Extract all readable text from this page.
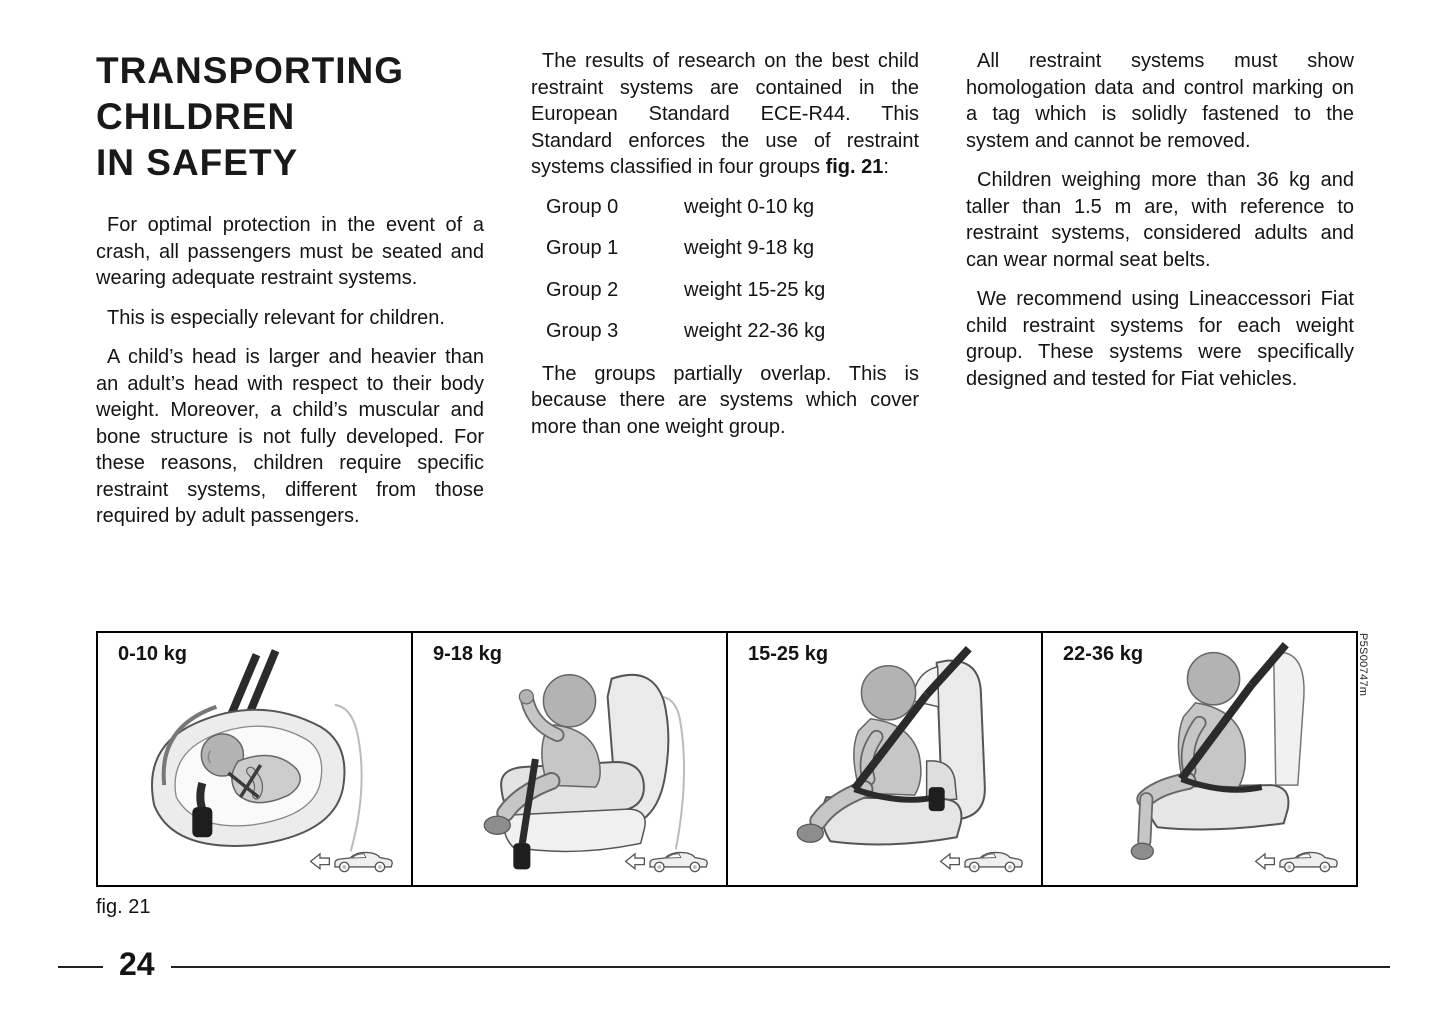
TRANSPORTING
CHILDREN
IN SAFETY

For optimal protection in the event of a crash, all passengers must be seated and wearing adequate restraint systems.

This is especially relevant for children.

A child’s head is larger and heavier than an adult’s head with respect to their body weight. Moreover, a child’s muscular and bone structure is not fully developed. For these reasons, children require specific restraint systems, different from those required by adult passengers.

The results of research on the best child restraint systems are contained in the European Standard ECE-R44. This Standard enforces the use of restraint systems classified in four groups fig. 21:

Group 0	weight 0-10 kg
Group 1	weight 9-18 kg
Group 2	weight 15-25 kg
Group 3	weight 22-36 kg

The groups partially overlap. This is because there are systems which cover more than one weight group.

All restraint systems must show homologation data and control marking on a tag which is solidly fastened to the system and cannot be removed.

Children weighing more than 36 kg and taller than 1.5 m are, with reference to restraint systems, considered adults and can wear normal seat belts.

We recommend using Lineaccessori Fiat child restraint systems for each weight group. These systems were specifically designed and tested for Fiat vehicles.

0-10 kg	9-18 kg	15-25 kg	22-36 kg	P5S00747m
fig. 21
24
